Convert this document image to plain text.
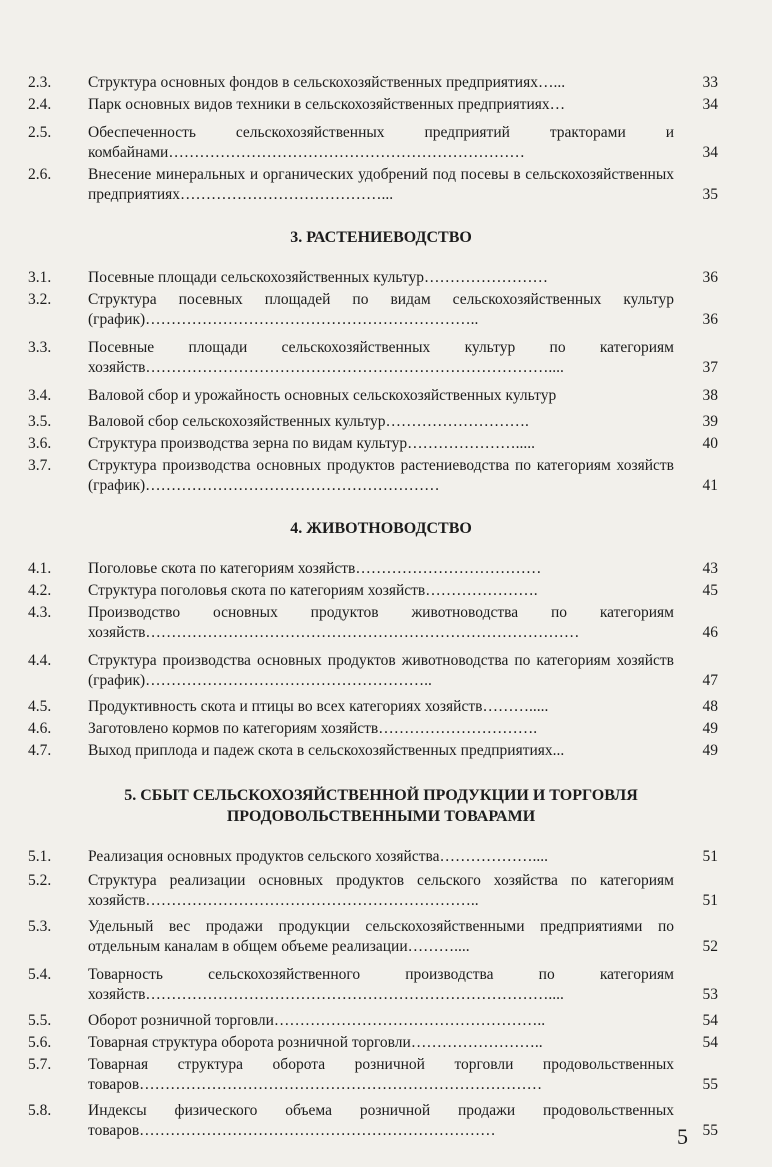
2.3.	Структура основных фондов в сельскохозяйственных предприятиях…...	33
2.4.	Парк основных видов техники в сельскохозяйственных предприятиях…	34
2.5.	Обеспеченность сельскохозяйственных предприятий тракторами и комбайнами……………………………………………………………	34
2.6.	Внесение минеральных и органических удобрений под посевы в сельскохозяйственных предприятиях…………………………………...	35
3. РАСТЕНИЕВОДСТВО
3.1.	Посевные площади сельскохозяйственных культур……………………	36
3.2.	Структура посевных площадей по видам сельскохозяйственных культур (график)………………………………………………………..	36
3.3.	Посевные площади сельскохозяйственных культур по категориям хозяйств……………………………………………………………………....	37
3.4.	Валовой сбор и урожайность основных сельскохозяйственных культур	38
3.5.	Валовой сбор сельскохозяйственных культур……………………….	39
3.6.	Структура производства зерна по видам культур………………….....	40
3.7.	Структура производства основных продуктов растениеводства по категориям хозяйств (график)…………………………………………………	41
4. ЖИВОТНОВОДСТВО
4.1.	Поголовье скота по категориям хозяйств………………………………	43
4.2.	Структура поголовья скота по категориям хозяйств………………….	45
4.3.	Производство основных продуктов животноводства по категориям хозяйств…………………………………………………………………………	46
4.4.	Структура производства основных продуктов животноводства по категориям хозяйств (график)………………………………………………..	47
4.5.	Продуктивность скота и птицы во всех категориях хозяйств……….....	48
4.6.	Заготовлено кормов по категориям хозяйств………………………….	49
4.7.	Выход приплода и падеж скота в сельскохозяйственных предприятиях...	49
5. СБЫТ СЕЛЬСКОХОЗЯЙСТВЕННОЙ ПРОДУКЦИИ И ТОРГОВЛЯ ПРОДОВОЛЬСТВЕННЫМИ ТОВАРАМИ
5.1.	Реализация основных продуктов сельского хозяйства………………....	51
5.2.	Структура реализации основных продуктов сельского хозяйства по категориям хозяйств………………………………………………………..	51
5.3.	Удельный вес продажи продукции сельскохозяйственными предприятиями по отдельным каналам в общем объеме реализации………....	52
5.4.	Товарность сельскохозяйственного производства по категориям хозяйств……………………………………………………………………....	53
5.5.	Оборот розничной торговли……………………………………………..	54
5.6.	Товарная структура оборота розничной торговли……………………..	54
5.7.	Товарная структура оборота розничной торговли продовольственных товаров……………………………………………………………………	55
5.8.	Индексы физического объема розничной продажи продовольственных товаров……………………………………………………………	55
5
